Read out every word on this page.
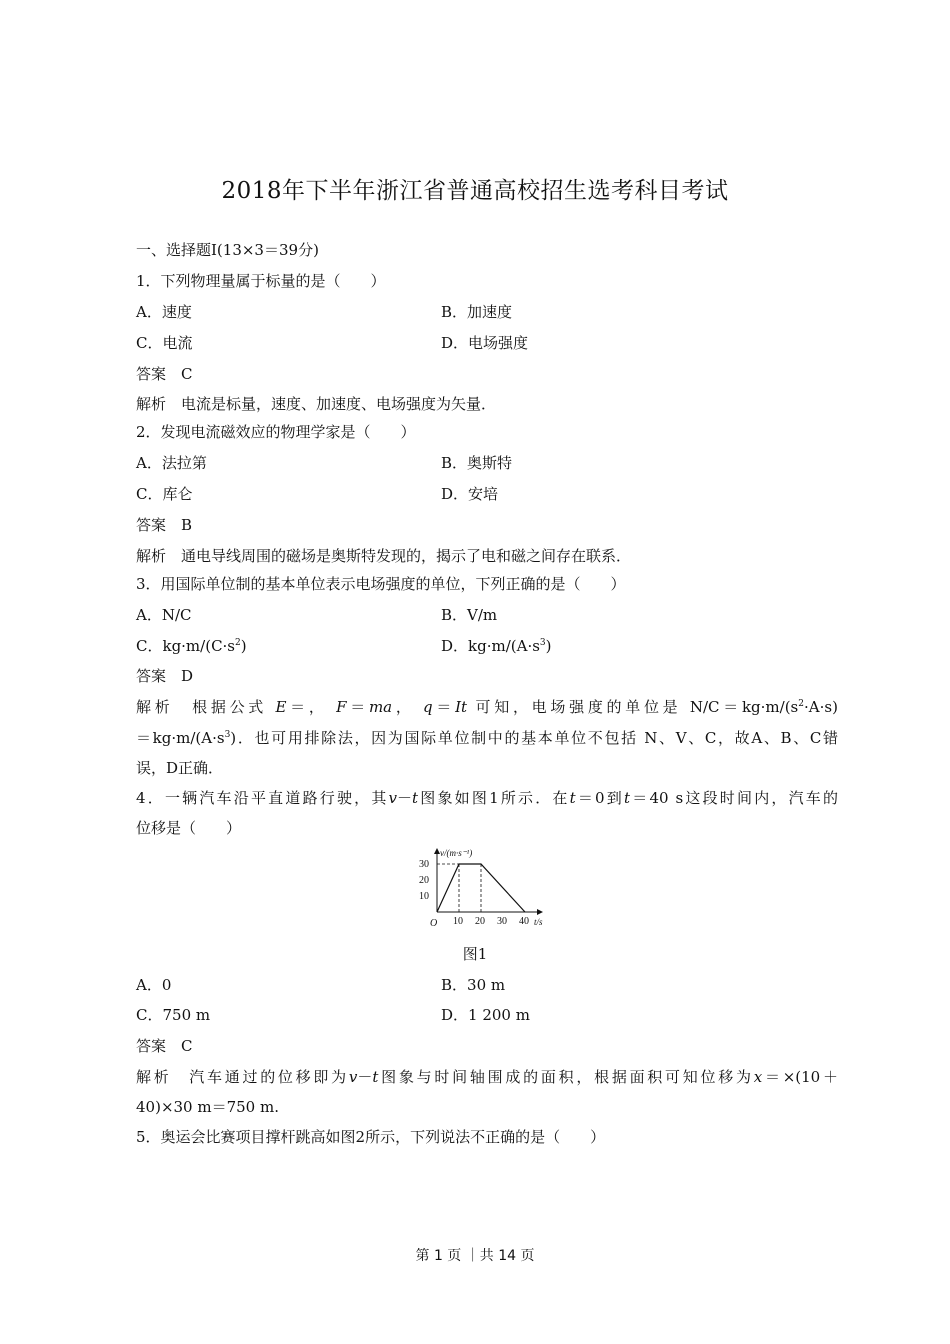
2018年下半年浙江省普通高校招生选考科目考试
一、选择题Ⅰ(13×3＝39分)
1．下列物理量属于标量的是（　　）
A．速度	B．加速度
C．电流	D．电场强度
答案　C
解析　电流是标量，速度、加速度、电场强度为矢量．
2．发现电流磁效应的物理学家是（　　）
A．法拉第	B．奥斯特
C．库仑	D．安培
答案　B
解析　通电导线周围的磁场是奥斯特发现的，揭示了电和磁之间存在联系．
3．用国际单位制的基本单位表示电场强度的单位，下列正确的是（　　）
A．N/C	B．V/m
C．$kg\cdot m/(C\cdot s^2)$	D．$kg\cdot m/(A\cdot s^3)$
答案　D
解析　根据公式 E＝， F＝ma， q＝It 可知，电场强度的单位是 $N/C=kg\cdot m/(s^2\cdot A\cdot s)$
$=kg\cdot m/(A\cdot s^3)$．也可用排除法，因为国际单位制中的基本单位不包括 N、V、C，故A、B、C错
误，D正确．
4．一辆汽车沿平直道路行驶，其v－t图象如图1所示．在t＝0到t＝40 s这段时间内，汽车的
位移是（　　）
v/(m·s⁻¹)
t/s
O
30
20
10
10 20 30 40
图1
A．0	B．30 m
C．750 m	D．1 200 m
答案　C
解析　汽车通过的位移即为v－t图象与时间轴围成的面积，根据面积可知位移为x＝×(10＋
40)×30 m＝750 m.
5．奥运会比赛项目撑杆跳高如图2所示，下列说法不正确的是（　　）
第 1 页 ｜共 14 页
